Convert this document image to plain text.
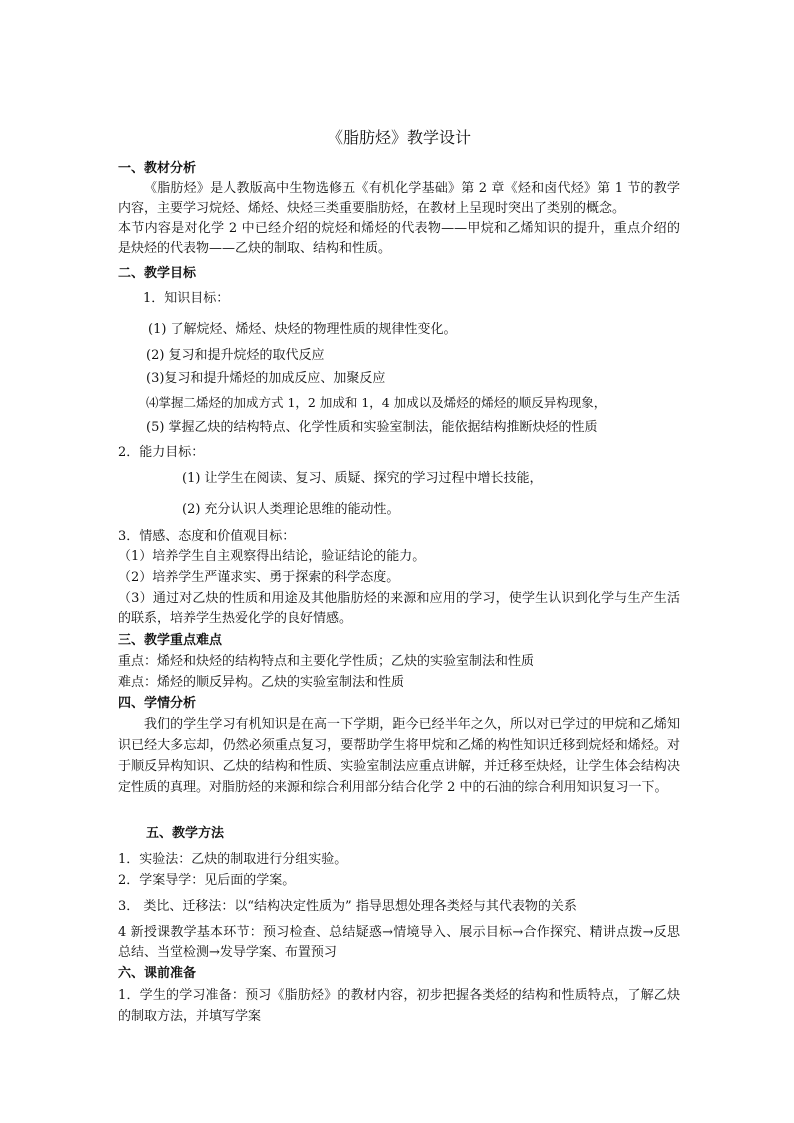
《脂肪烃》教学设计
一、教材分析
《脂肪烃》是人教版高中生物选修五《有机化学基础》第 2 章《烃和卤代烃》第 1 节的教学内容，主要学习烷烃、烯烃、炔烃三类重要脂肪烃，在教材上呈现时突出了类别的概念。
本节内容是对化学 2 中已经介绍的烷烃和烯烃的代表物——甲烷和乙烯知识的提升，重点介绍的是炔烃的代表物——乙炔的制取、结构和性质。
二、教学目标
1．知识目标：
(1) 了解烷烃、烯烃、炔烃的物理性质的规律性变化。
(2) 复习和提升烷烃的取代反应
(3)复习和提升烯烃的加成反应、加聚反应
⑷掌握二烯烃的加成方式 1，2 加成和 1，4 加成以及烯烃的烯烃的顺反异构现象，
(5) 掌握乙炔的结构特点、化学性质和实验室制法，能依据结构推断炔烃的性质
2．能力目标：
(1) 让学生在阅读、复习、质疑、探究的学习过程中增长技能，
(2) 充分认识人类理论思维的能动性。
3．情感、态度和价值观目标：
（1）培养学生自主观察得出结论，验证结论的能力。
（2）培养学生严谨求实、勇于探索的科学态度。
（3）通过对乙炔的性质和用途及其他脂肪烃的来源和应用的学习，使学生认识到化学与生产生活的联系，培养学生热爱化学的良好情感。
三、教学重点难点
重点：烯烃和炔烃的结构特点和主要化学性质；乙炔的实验室制法和性质
难点：烯烃的顺反异构。乙炔的实验室制法和性质
四、学情分析
我们的学生学习有机知识是在高一下学期，距今已经半年之久，所以对已学过的甲烷和乙烯知识已经大多忘却，仍然必须重点复习，要帮助学生将甲烷和乙烯的构性知识迁移到烷烃和烯烃。对于顺反异构知识、乙炔的结构和性质、实验室制法应重点讲解，并迁移至炔烃，让学生体会结构决定性质的真理。对脂肪烃的来源和综合利用部分结合化学 2 中的石油的综合利用知识复习一下。
五、教学方法
1．实验法：乙炔的制取进行分组实验。
2．学案导学：见后面的学案。
3． 类比、迁移法：以“结构决定性质为” 指导思想处理各类烃与其代表物的关系
4 新授课教学基本环节：预习检查、总结疑惑→情境导入、展示目标→合作探究、精讲点拨→反思总结、当堂检测→发导学案、布置预习
六、课前准备
1．学生的学习准备：预习《脂肪烃》的教材内容，初步把握各类烃的结构和性质特点，了解乙炔的制取方法，并填写学案
